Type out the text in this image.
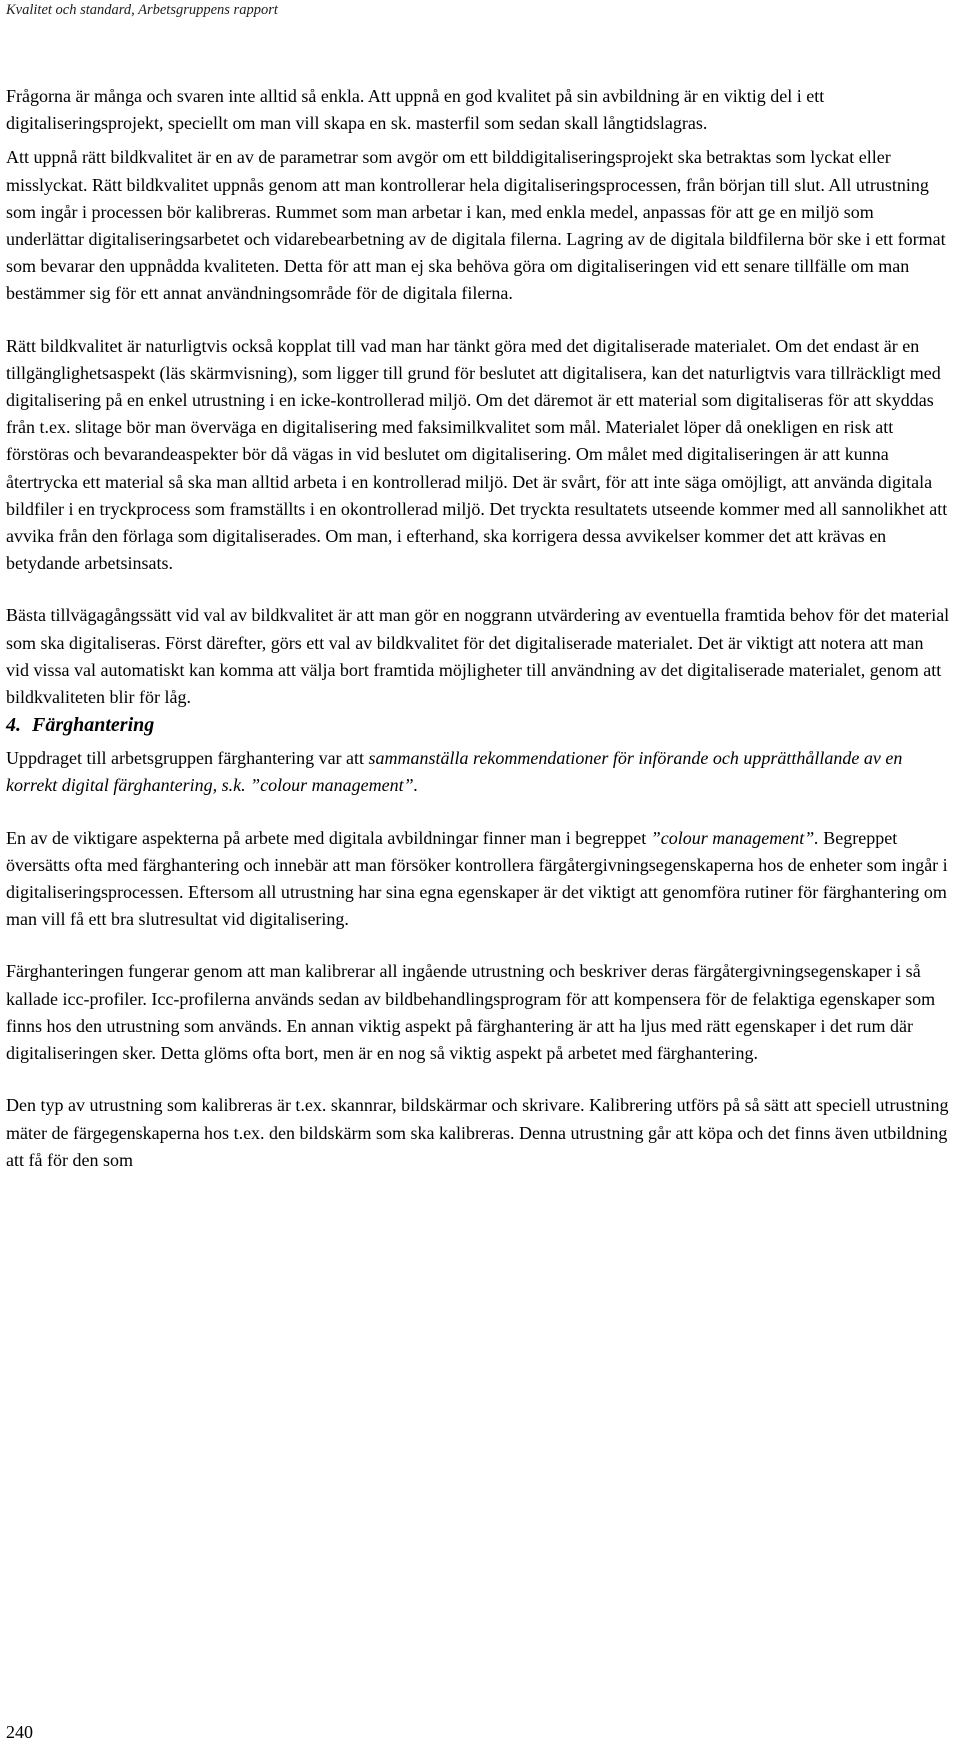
Kvalitet och standard, Arbetsgruppens rapport

Frågorna är många och svaren inte alltid så enkla. Att uppnå en god kvalitet på sin avbildning är en viktig del i ett digitaliseringsprojekt, speciellt om man vill skapa en sk. masterfil som sedan skall långtidslagras.

Att uppnå rätt bildkvalitet är en av de parametrar som avgör om ett bilddigitaliseringsprojekt ska betraktas som lyckat eller misslyckat. Rätt bildkvalitet uppnås genom att man kontrollerar hela digitaliseringsprocessen, från början till slut. All utrustning som ingår i processen bör kalibreras. Rummet som man arbetar i kan, med enkla medel, anpassas för att ge en miljö som underlättar digitaliseringsarbetet och vidarebearbetning av de digitala filerna. Lagring av de digitala bildfilerna bör ske i ett format som bevarar den uppnådda kvaliteten. Detta för att man ej ska behöva göra om digitaliseringen vid ett senare tillfälle om man bestämmer sig för ett annat användningsområde för de digitala filerna.

Rätt bildkvalitet är naturligtvis också kopplat till vad man har tänkt göra med det digitaliserade materialet. Om det endast är en tillgänglighetsaspekt (läs skärmvisning), som ligger till grund för beslutet att digitalisera, kan det naturligtvis vara tillräckligt med digitalisering på en enkel utrustning i en icke-kontrollerad miljö. Om det däremot är ett material som digitaliseras för att skyddas från t.ex. slitage bör man överväga en digitalisering med faksimilkvalitet som mål. Materialet löper då onekligen en risk att förstöras och bevarandeaspekter bör då vägas in vid beslutet om digitalisering. Om målet med digitaliseringen är att kunna återtrycka ett material så ska man alltid arbeta i en kontrollerad miljö. Det är svårt, för att inte säga omöjligt, att använda digitala bildfiler i en tryckprocess som framställts i en okontrollerad miljö. Det tryckta resultatets utseende kommer med all sannolikhet att avvika från den förlaga som digitaliserades. Om man, i efterhand, ska korrigera dessa avvikelser kommer det att krävas en betydande arbetsinsats.

Bästa tillvägagångssätt vid val av bildkvalitet är att man gör en noggrann utvärdering av eventuella framtida behov för det material som ska digitaliseras. Först därefter, görs ett val av bildkvalitet för det digitaliserade materialet. Det är viktigt att notera att man vid vissa val automatiskt kan komma att välja bort framtida möjligheter till användning av det digitaliserade materialet, genom att bildkvaliteten blir för låg.

4. Färghantering

Uppdraget till arbetsgruppen färghantering var att sammanställa rekommendationer för införande och upprätthållande av en korrekt digital färghantering, s.k. ”colour management”.

En av de viktigare aspekterna på arbete med digitala avbildningar finner man i begreppet ”colour management”. Begreppet översätts ofta med färghantering och innebär att man försöker kontrollera färgåtergivningsegenskaperna hos de enheter som ingår i digitaliseringsprocessen. Eftersom all utrustning har sina egna egenskaper är det viktigt att genomföra rutiner för färghantering om man vill få ett bra slutresultat vid digitalisering.

Färghanteringen fungerar genom att man kalibrerar all ingående utrustning och beskriver deras färgåtergivningsegenskaper i så kallade icc-profiler. Icc-profilerna används sedan av bildbehandlingsprogram för att kompensera för de felaktiga egenskaper som finns hos den utrustning som används. En annan viktig aspekt på färghantering är att ha ljus med rätt egenskaper i det rum där digitaliseringen sker. Detta glöms ofta bort, men är en nog så viktig aspekt på arbetet med färghantering.

Den typ av utrustning som kalibreras är t.ex. skannrar, bildskärmar och skrivare. Kalibrering utförs på så sätt att speciell utrustning mäter de färgegenskaperna hos t.ex. den bildskärm som ska kalibreras. Denna utrustning går att köpa och det finns även utbildning att få för den som

240
